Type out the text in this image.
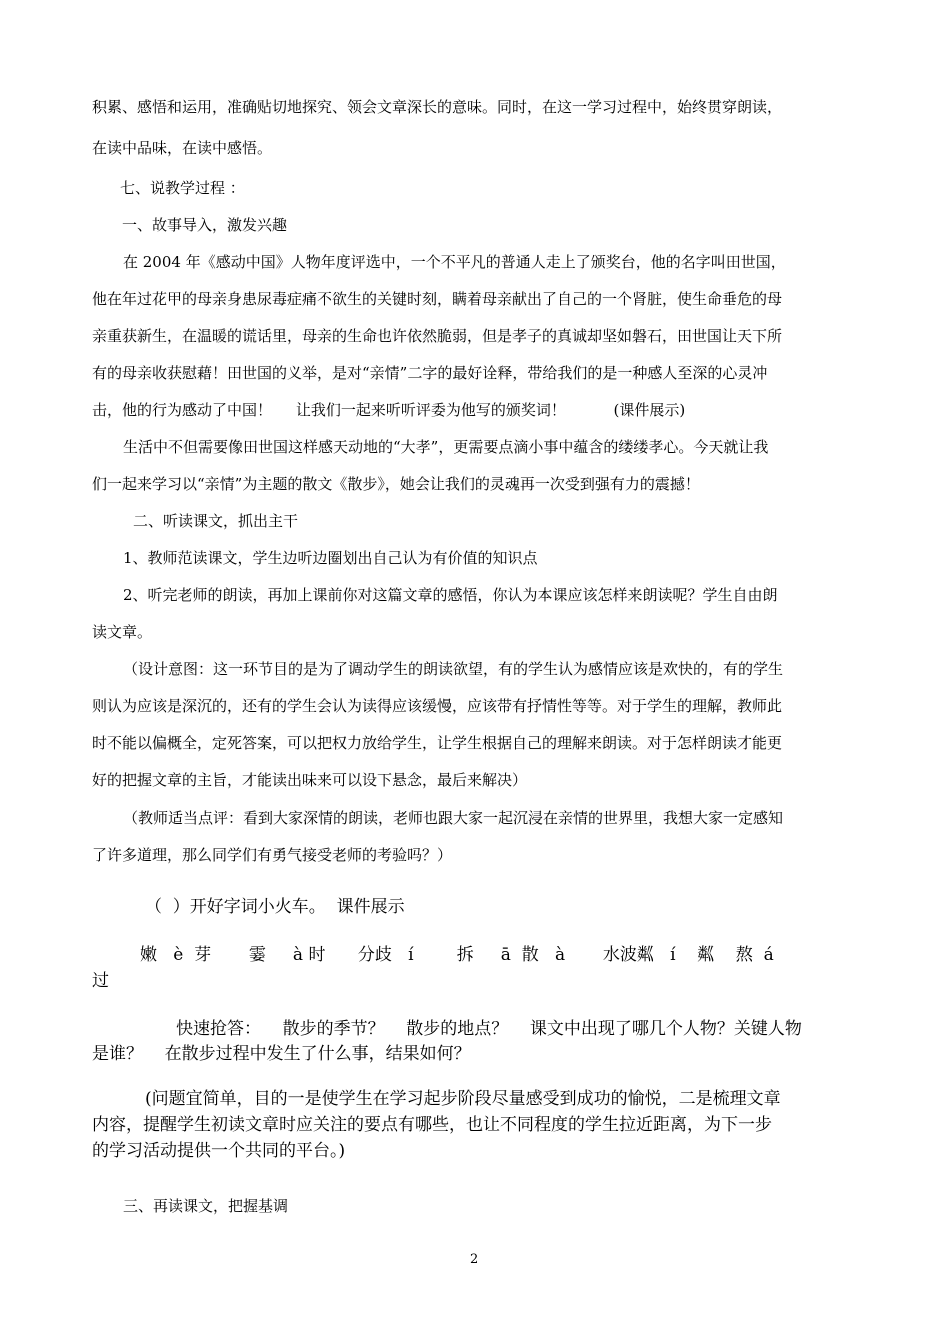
积累、感悟和运用，准确贴切地探究、领会文章深长的意味。同时，在这一学习过程中，始终贯穿朗读，
在读中品味，在读中感悟。
七、说教学过程 ：
一、故事导入，激发兴趣
在 2004 年《感动中国》人物年度评选中，一个不平凡的普通人走上了颁奖台，他的名字叫田世国，
他在年过花甲的母亲身患尿毒症痛不欲生的关键时刻，瞒着母亲献出了自己的一个肾脏，使生命垂危的母
亲重获新生，在温暖的谎话里，母亲的生命也许依然脆弱，但是孝子的真诚却坚如磐石，田世国让天下所
有的母亲收获慰藉！田世国的义举，是对“亲情”二字的最好诠释，带给我们的是一种感人至深的心灵冲
击，他的行为感动了中国！     让我们一起来听听评委为他写的颁奖词！          (课件展示)
生活中不但需要像田世国这样感天动地的“大孝”，更需要点滴小事中蕴含的缕缕孝心。今天就让我
们一起来学习以“亲情”为主题的散文《散步》，她会让我们的灵魂再一次受到强有力的震撼！
二、听读课文，抓出主干
1、教师范读课文，学生边听边圈划出自己认为有价值的知识点
2、听完老师的朗读，再加上课前你对这篇文章的感悟，你认为本课应该怎样来朗读呢？学生自由朗
读文章。
（设计意图：这一环节目的是为了调动学生的朗读欲望，有的学生认为感情应该是欢快的，有的学生
则认为应该是深沉的，还有的学生会认为读得应该缓慢，应该带有抒情性等等。对于学生的理解，教师此
时不能以偏概全，定死答案，可以把权力放给学生，让学生根据自己的理解来朗读。对于怎样朗读才能更
好的把握文章的主旨，才能读出味来可以设下悬念，最后来解决）
（教师适当点评：看到大家深情的朗读，老师也跟大家一起沉浸在亲情的世界里，我想大家一定感知
了许多道理，那么同学们有勇气接受老师的考验吗？）
（  ）开好字词小火车。  课件展示
嫩   è  芽       霎     à 时      分歧   í        拆     ā  散   à       水波粼   í    粼    熬  á
过
快速抢答：    散步的季节？    散步的地点？    课文中出现了哪几个人物？关键人物
是谁？    在散步过程中发生了什么事，结果如何？
(问题宜简单，目的一是使学生在学习起步阶段尽量感受到成功的愉悦，二是梳理文章
内容，提醒学生初读文章时应关注的要点有哪些，也让不同程度的学生拉近距离，为下一步
的学习活动提供一个共同的平台。)
三、再读课文，把握基调
2
